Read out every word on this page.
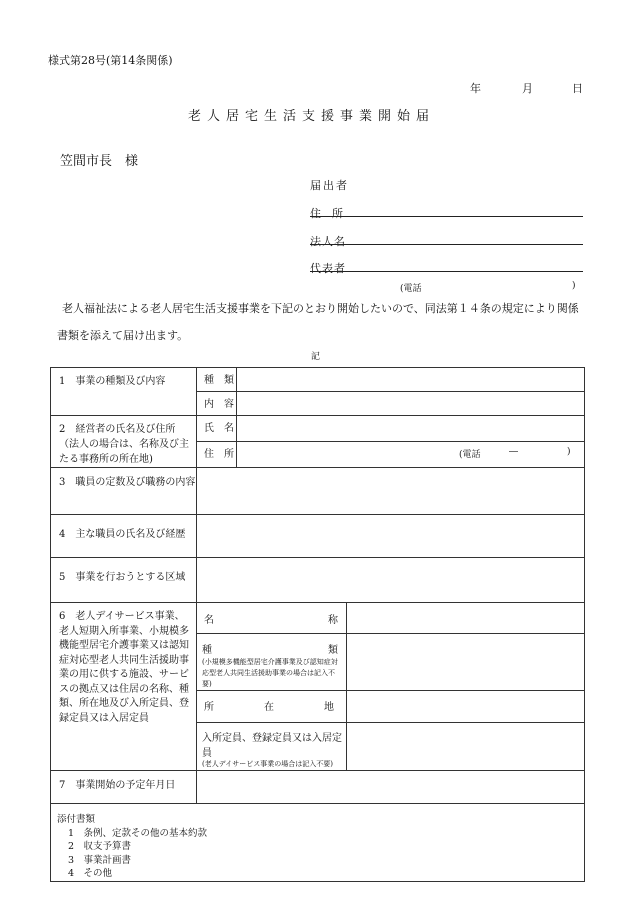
様式第28号(第14条関係)
年	月	日
老人居宅生活支援事業開始届
笠間市長　様
届出者
住　所
法人名
代表者
(電話	)
老人福祉法による老人居宅生活支援事業を下記のとおり開始したいので、同法第１４条の規定により関係
書類を添えて届け出ます。
記
1　事業の種類及び内容	種　類		
	内　容		
2　経営者の氏名及び住所（法人の場合は、名称及び主たる事務所の所在地)	氏　名		
	住　所	(電話 ― )	

3　職員の定数及び職務の内容			
4　主な職員の氏名及び経歴			
5　事業を行おうとする区域			
6　老人デイサービス事業、老人短期入所事業、小規模多機能型居宅介護事業又は認知症対応型老人共同生活援助事業の用に供する施設、サービスの拠点又は住居の名称、種類、所在地及び入所定員、登録定員又は入居定員	名 称		

	種 類
(小規模多機能型居宅介護事業及び認知症対応型老人共同生活援助事業の場合は記入不要)		

	所 在 地		

	入所定員、登録定員又は入居定員
(老人デイサービス事業の場合は記入不要)		

7　事業開始の予定年月日			

添付書類
1　条例、定款その他の基本約款
2　収支予算書
3　事業計画書
4　その他			
